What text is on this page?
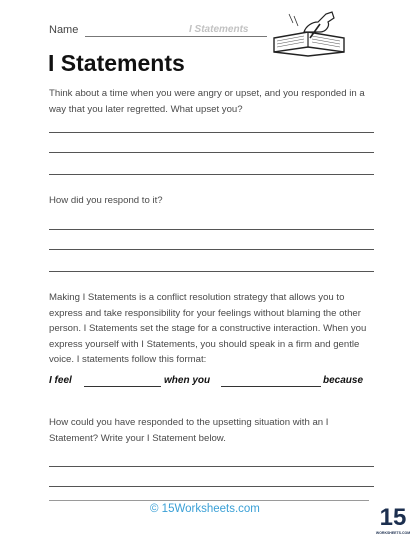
Name	I Statements
I Statements

Think about a time when you were angry or upset, and you responded in a way that you later regretted. What upset you?

How did you respond to it?

Making I Statements is a conflict resolution strategy that allows you to express and take responsibility for your feelings without blaming the other person. I Statements set the stage for a constructive interaction. When you express yourself with I Statements, you should speak in a firm and gentle voice. I statements follow this format:

I feel	when you	because

How could you have responded to the upsetting situation with an I Statement? Write your I Statement below.

© 15Worksheets.com	15
WORKSHEETS.COM
